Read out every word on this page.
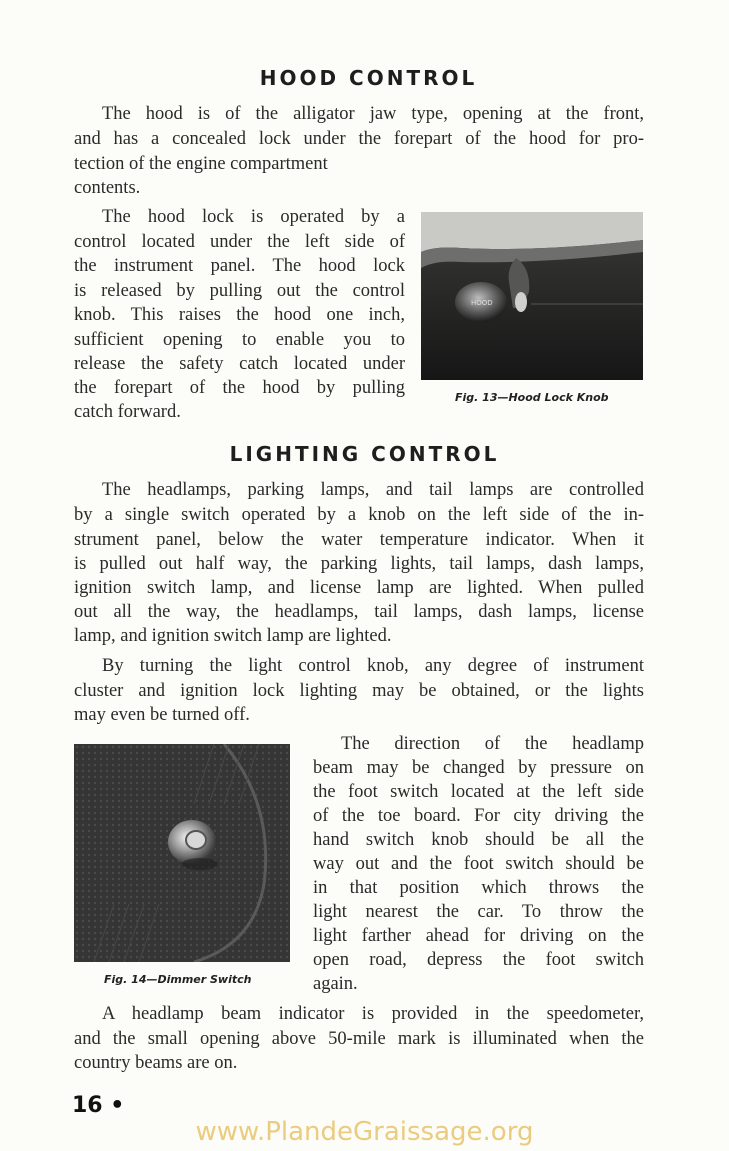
HOOD CONTROL
The hood is of the alligator jaw type, opening at the front,
and has a concealed lock under the forepart of the hood for pro-
tection of the engine compartment
contents.
The hood lock is operated by a
control located under the left side of
the instrument panel. The hood lock
is released by pulling out the control
knob. This raises the hood one inch,
sufficient opening to enable you to
release the safety catch located under
the forepart of the hood by pulling
catch forward.
HOOD
Fig. 13—Hood Lock Knob
LIGHTING CONTROL
The headlamps, parking lamps, and tail lamps are controlled
by a single switch operated by a knob on the left side of the in-
strument panel, below the water temperature indicator. When it
is pulled out half way, the parking lights, tail lamps, dash lamps,
ignition switch lamp, and license lamp are lighted. When pulled
out all the way, the headlamps, tail lamps, dash lamps, license
lamp, and ignition switch lamp are lighted.
By turning the light control knob, any degree of instrument
cluster and ignition lock lighting may be obtained, or the lights
may even be turned off.
Fig. 14—Dimmer Switch
The direction of the headlamp
beam may be changed by pressure on
the foot switch located at the left side
of the toe board. For city driving the
hand switch knob should be all the
way out and the foot switch should be
in that position which throws the
light nearest the car. To throw the
light farther ahead for driving on the
open road, depress the foot switch
again.
A headlamp beam indicator is provided in the speedometer,
and the small opening above 50-mile mark is illuminated when the
country beams are on.
16 •
www.PlandeGraissage.org
